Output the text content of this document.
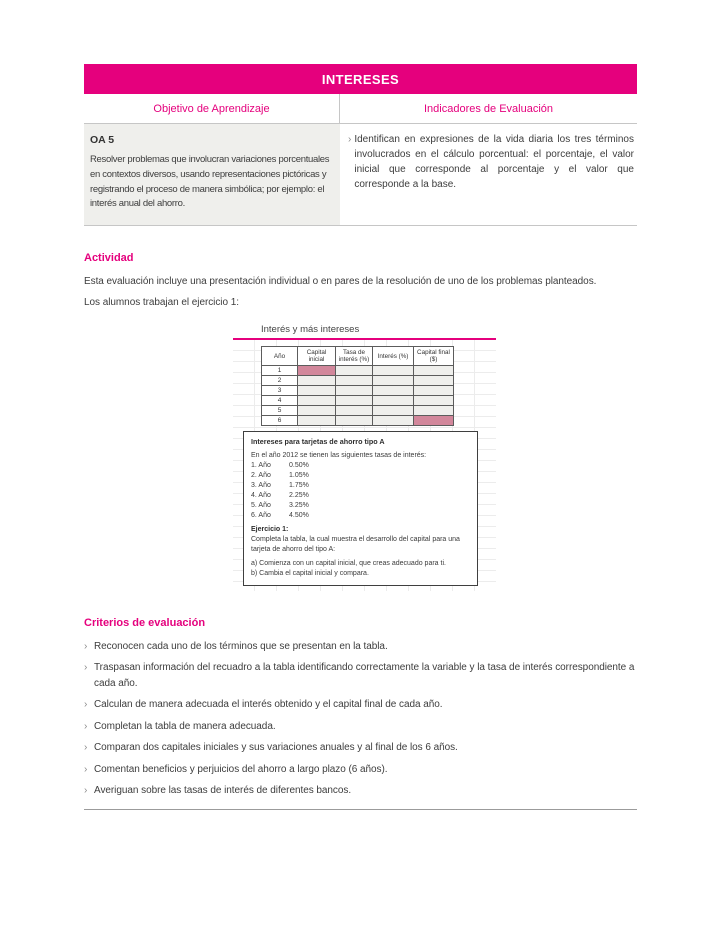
INTERESES
Objetivo de Aprendizaje	Indicadores de Evaluación
OA 5
Resolver problemas que involucran variaciones porcentuales en contextos diversos, usando representaciones pictóricas y registrando el proceso de manera simbólica; por ejemplo: el interés anual del ahorro.
› Identifican en expresiones de la vida diaria los tres términos involucrados en el cálculo porcentual: el porcentaje, el valor inicial que corresponde al porcentaje y el valor que corresponde a la base.
Actividad

Esta evaluación incluye una presentación individual o en pares de la resolución de uno de los problemas planteados.

Los alumnos trabajan el ejercicio 1:

Interés y más intereses
Año	Capital inicial	Tasa de interés (%)	Interés (%)	Capital final ($)
1				
2				
3				
4				
5				
6				
Intereses para tarjetas de ahorro tipo A
En el año 2012 se tienen las siguientes tasas de interés:
1. Año	0.50%
2. Año	1.05%
3. Año	1.75%
4. Año	2.25%
5. Año	3.25%
6. Año	4.50%
Ejercicio 1:
Completa la tabla, la cual muestra el desarrollo del capital para una tarjeta de ahorro del tipo A:
a) Comienza con un capital inicial, que creas adecuado para ti.
b) Cambia el capital inicial y compara.
Criterios de evaluación
› Reconocen cada uno de los términos que se presentan en la tabla.
› Traspasan información del recuadro a la tabla identificando correctamente la variable y la tasa de interés correspondiente a cada año.
› Calculan de manera adecuada el interés obtenido y el capital final de cada año.
› Completan la tabla de manera adecuada.
› Comparan dos capitales iniciales y sus variaciones anuales y al final de los 6 años.
› Comentan beneficios y perjuicios del ahorro a largo plazo (6 años).
› Averiguan sobre las tasas de interés de diferentes bancos.
